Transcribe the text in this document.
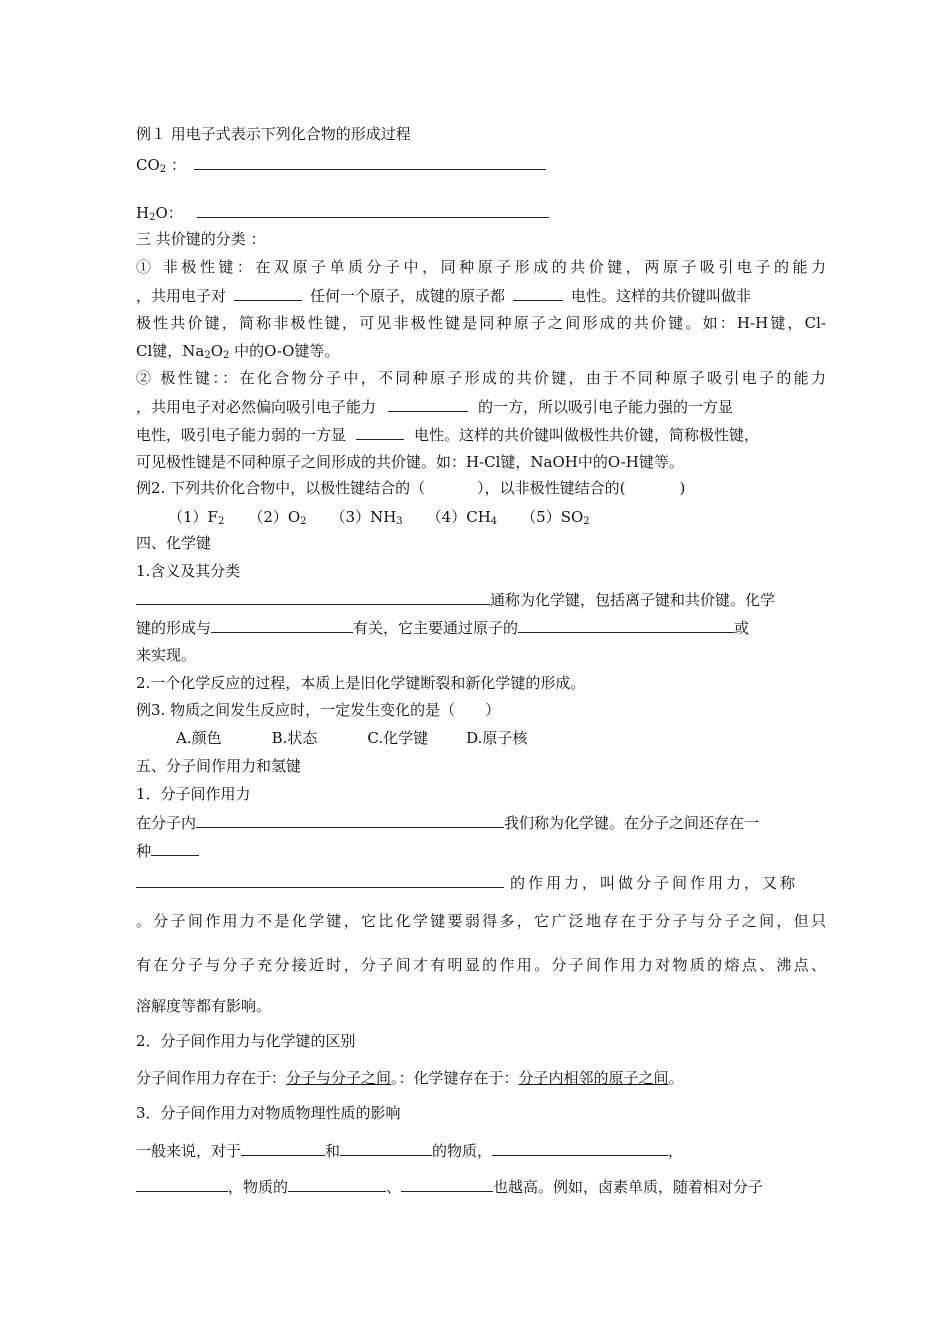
例１ 用电子式表示下列化合物的形成过程
$CO_2$ ：
$H_2O$：
三 共价键的分类 ：
① 非极性键：在双原子单质分子中，同种原子形成的共价键，两原子吸引电子的能力
，共用电子对	任何一个原子，成键的原子都	电性。这样的共价键叫做非
极性共价键，简称非极性键，可见非极性键是同种原子之间形成的共价键。如：H-H键，Cl-
Cl键，$Na_2O_2$ 中的O-O键等。
② 极性键：：在化合物分子中，不同种原子形成的共价键，由于不同种原子吸引电子的能力
，共用电子对必然偏向吸引电子能力	的一方，所以吸引电子能力强的一方显
电性，吸引电子能力弱的一方显	电性。这样的共价键叫做极性共价键，简称极性键，
可见极性键是不同种原子之间形成的共价键。如：H-Cl键，NaOH中的O-H键等。
例2. 下列共价化合物中，以极性键结合的（	），以非极性键结合的(	)
$(1)F_2$ $(2)O_2$ $(3)NH_3$ $(4)CH_4$ $(5)SO_2$
四、化学键
1.含义及其分类
通称为化学键，包括离子键和共价键。化学
键的形成与	有关，它主要通过原子的	或
来实现。
2.一个化学反应的过程，本质上是旧化学键断裂和新化学键的形成。
例3. 物质之间发生反应时，一定发生变化的是（　　）
A.颜色	B.状态	C.化学键	D.原子核
五、分子间作用力和氢键
1．分子间作用力
在分子内	我们称为化学键。在分子之间还存在一
种
的作用力，叫做分子间作用力，又称
。分子间作用力不是化学键，它比化学键要弱得多，它广泛地存在于分子与分子之间，但只
有在分子与分子充分接近时，分子间才有明显的作用。分子间作用力对物质的熔点、沸点、
溶解度等都有影响。
2．分子间作用力与化学键的区别
分子间作用力存在于：分子与分子之间。：化学键存在于：分子内相邻的原子之间。
3．分子间作用力对物质物理性质的影响
一般来说，对于	和	的物质，	，
，物质的	、	也越高。例如，卤素单质，随着相对分子
